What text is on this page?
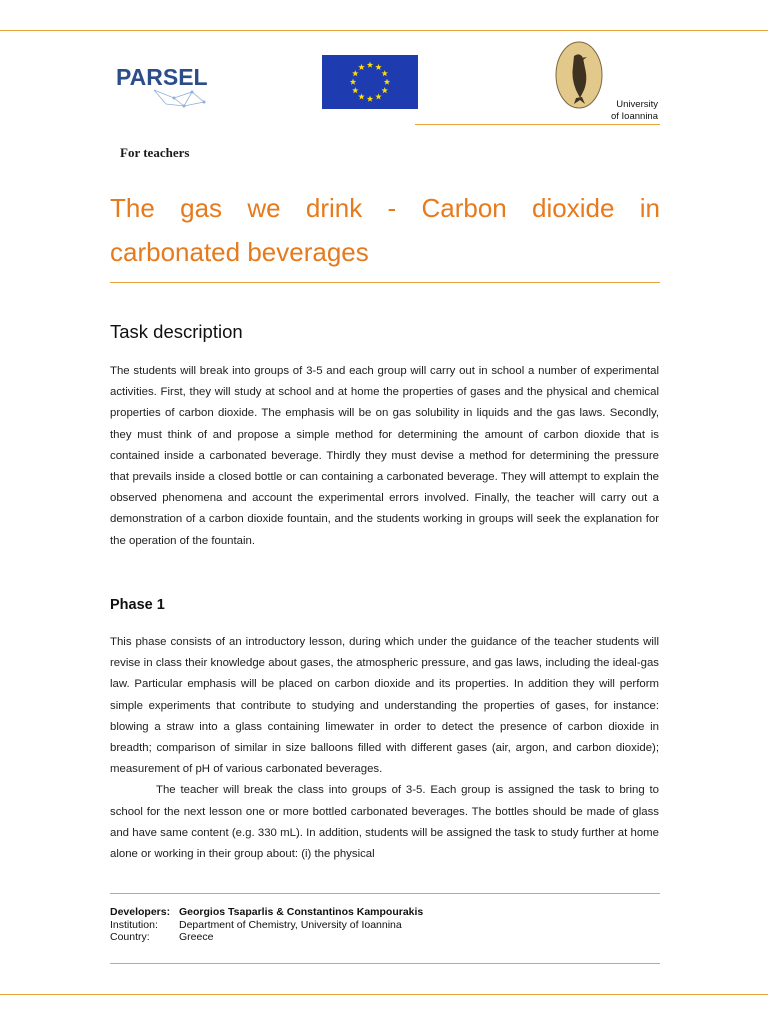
PARSEL
University
of Ioannina
For teachers
The gas we drink - Carbon dioxide in carbonated beverages
Task description

The students will break into groups of 3-5 and each group will carry out in school a number of experimental activities. First, they will study at school and at home the properties of gases and the physical and chemical properties of carbon dioxide. The emphasis will be on gas solubility in liquids and the gas laws. Secondly, they must think of and propose a simple method for determining the amount of carbon dioxide that is contained inside a carbonated beverage. Thirdly they must devise a method for determining the pressure that prevails inside a closed bottle or can containing a carbonated beverage. They will attempt to explain the observed phenomena and account the experimental errors involved. Finally, the teacher will carry out a demonstration of a carbon dioxide fountain, and the students working in groups will seek the explanation for the operation of the fountain.

Phase 1

This phase consists of an introductory lesson, during which under the guidance of the teacher students will revise in class their knowledge about gases, the atmospheric pressure, and gas laws, including the ideal-gas law. Particular emphasis will be placed on carbon dioxide and its properties. In addition they will perform simple experiments that contribute to studying and understanding the properties of gases, for instance: blowing a straw into a glass containing limewater in order to detect the presence of carbon dioxide in breadth; comparison of similar in size balloons filled with different gases (air, argon, and carbon dioxide); measurement of pH of various carbonated beverages.

The teacher will break the class into groups of 3-5. Each group is assigned the task to bring to school for the next lesson one or more bottled carbonated beverages. The bottles should be made of glass and have same content (e.g. 330 mL). In addition, students will be assigned the task to study further at home alone or working in their group about: (i) the physical

Developers: Georgios Tsaparlis & Constantinos Kampourakis
Institution:	Department of Chemistry, University of Ioannina
Country:	Greece
